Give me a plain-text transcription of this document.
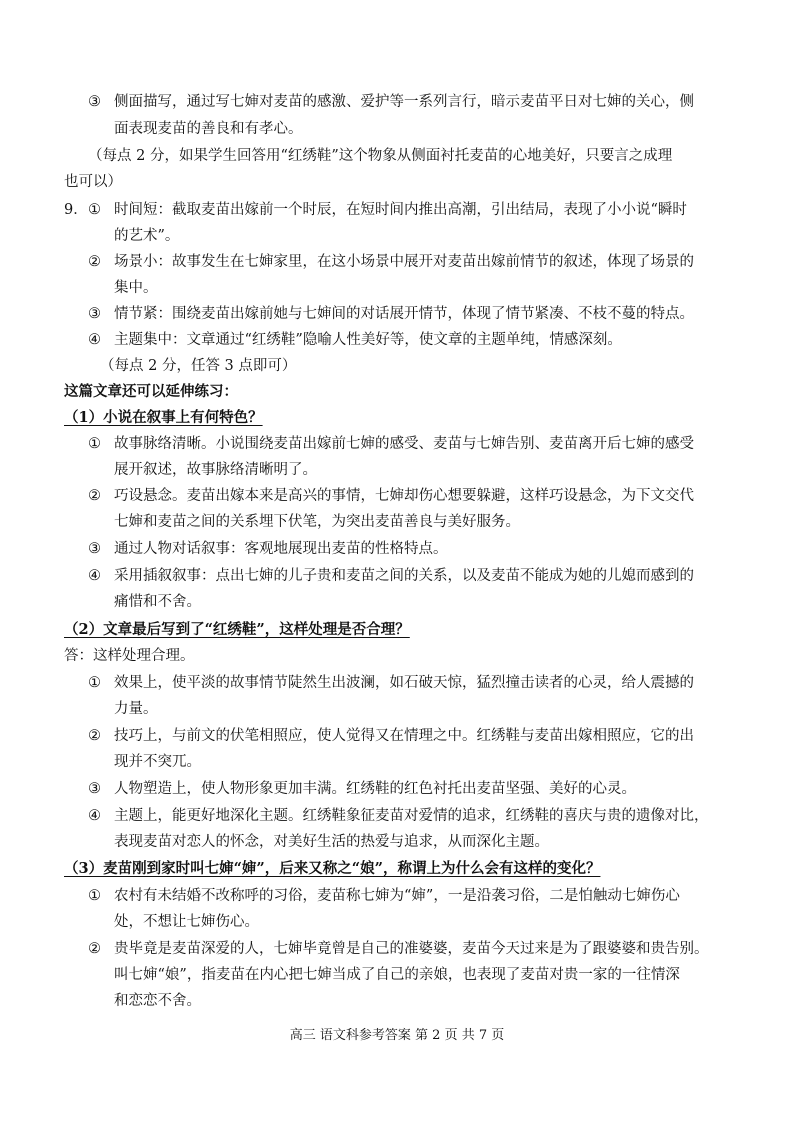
③ 侧面描写，通过写七婶对麦苗的感激、爱护等一系列言行，暗示麦苗平日对七婶的关心，侧
面表现麦苗的善良和有孝心。
（每点 2 分，如果学生回答用“红绣鞋”这个物象从侧面衬托麦苗的心地美好，只要言之成理
也可以）
9．① 时间短：截取麦苗出嫁前一个时辰，在短时间内推出高潮，引出结局，表现了小小说“瞬时
的艺术”。
② 场景小：故事发生在七婶家里，在这小场景中展开对麦苗出嫁前情节的叙述，体现了场景的
集中。
③ 情节紧：围绕麦苗出嫁前她与七婶间的对话展开情节，体现了情节紧凑、不枝不蔓的特点。
④ 主题集中：文章通过“红绣鞋”隐喻人性美好等，使文章的主题单纯，情感深刻。
（每点 2 分，任答 3 点即可）
这篇文章还可以延伸练习：
（1）小说在叙事上有何特色？
① 故事脉络清晰。小说围绕麦苗出嫁前七婶的感受、麦苗与七婶告别、麦苗离开后七婶的感受
展开叙述，故事脉络清晰明了。
② 巧设悬念。麦苗出嫁本来是高兴的事情，七婶却伤心想要躲避，这样巧设悬念，为下文交代
七婶和麦苗之间的关系埋下伏笔，为突出麦苗善良与美好服务。
③ 通过人物对话叙事：客观地展现出麦苗的性格特点。
④ 采用插叙叙事：点出七婶的儿子贵和麦苗之间的关系，以及麦苗不能成为她的儿媳而感到的
痛惜和不舍。
（2）文章最后写到了“红绣鞋”，这样处理是否合理？
答：这样处理合理。
① 效果上，使平淡的故事情节陡然生出波澜，如石破天惊，猛烈撞击读者的心灵，给人震撼的
力量。
② 技巧上，与前文的伏笔相照应，使人觉得又在情理之中。红绣鞋与麦苗出嫁相照应，它的出
现并不突兀。
③ 人物塑造上，使人物形象更加丰满。红绣鞋的红色衬托出麦苗坚强、美好的心灵。
④ 主题上，能更好地深化主题。红绣鞋象征麦苗对爱情的追求，红绣鞋的喜庆与贵的遗像对比，
表现麦苗对恋人的怀念，对美好生活的热爱与追求，从而深化主题。
（3）麦苗刚到家时叫七婶“婶”，后来又称之“娘”，称谓上为什么会有这样的变化？
① 农村有未结婚不改称呼的习俗，麦苗称七婶为“婶”，一是沿袭习俗，二是怕触动七婶伤心
处，不想让七婶伤心。
② 贵毕竟是麦苗深爱的人，七婶毕竟曾是自己的准婆婆，麦苗今天过来是为了跟婆婆和贵告别。
叫七婶“娘”，指麦苗在内心把七婶当成了自己的亲娘，也表现了麦苗对贵一家的一往情深
和恋恋不舍。
高三 语文科参考答案 第 2 页 共 7 页
